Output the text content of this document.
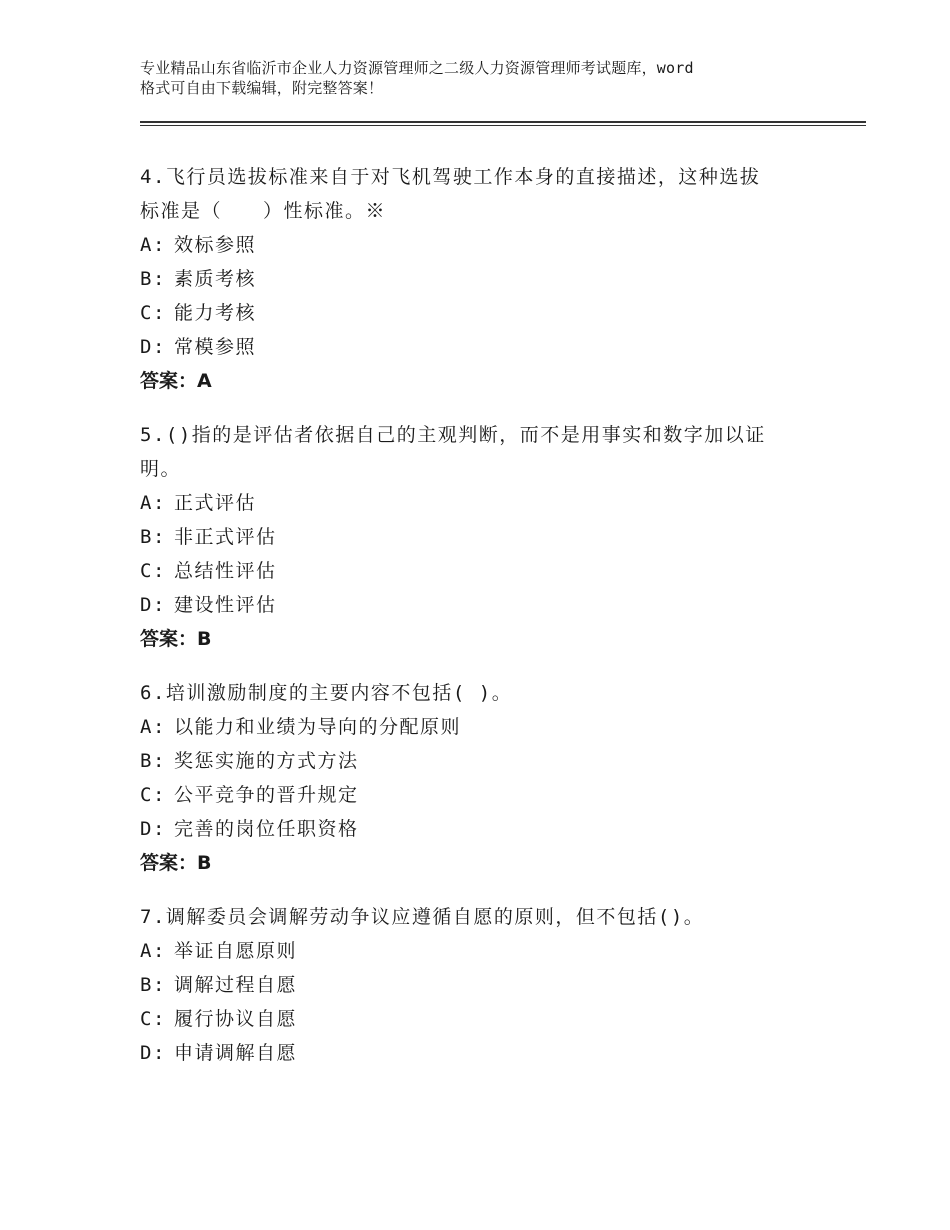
专业精品山东省临沂市企业人力资源管理师之二级人力资源管理师考试题库，word
格式可自由下载编辑，附完整答案！

4.飞行员选拔标准来自于对飞机驾驶工作本身的直接描述，这种选拔

标准是（　　）性标准。※

A: 效标参照

B: 素质考核

C: 能力考核

D: 常模参照

答案：A

5.()指的是评估者依据自己的主观判断，而不是用事实和数字加以证

明。

A: 正式评估

B: 非正式评估

C: 总结性评估

D: 建设性评估

答案：B

6.培训激励制度的主要内容不包括( )。

A: 以能力和业绩为导向的分配原则

B: 奖惩实施的方式方法

C: 公平竞争的晋升规定

D: 完善的岗位任职资格

答案：B

7.调解委员会调解劳动争议应遵循自愿的原则，但不包括()。

A: 举证自愿原则

B: 调解过程自愿

C: 履行协议自愿

D: 申请调解自愿
